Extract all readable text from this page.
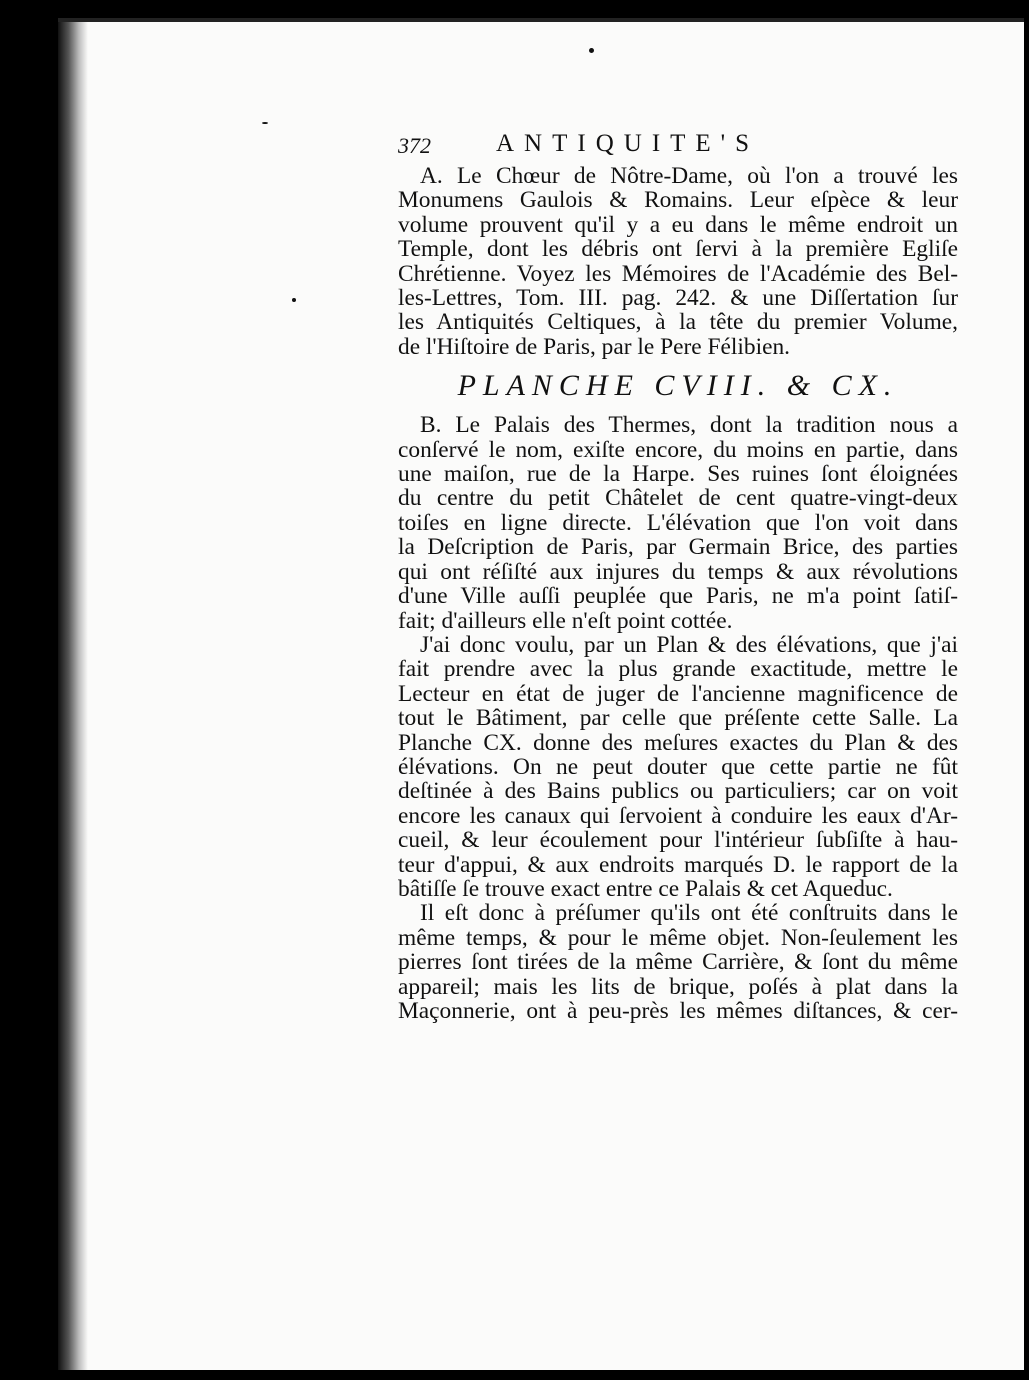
372	ANTIQUITE'S

A. Le Chœur de Nôtre-Dame, où l'on a trouvé les
Monumens Gaulois & Romains. Leur eſpèce & leur
volume prouvent qu'il y a eu dans le même endroit un
Temple, dont les débris ont ſervi à la première Egliſe
Chrétienne. Voyez les Mémoires de l'Académie des Bel-
les-Lettres, Tom. III. pag. 242. & une Diſſertation ſur
les Antiquités Celtiques, à la tête du premier Volume,
de l'Hiſtoire de Paris, par le Pere Félibien.

PLANCHE CVIII. & CX.

B. Le Palais des Thermes, dont la tradition nous a
conſervé le nom, exiſte encore, du moins en partie, dans
une maiſon, rue de la Harpe. Ses ruines ſont éloignées
du centre du petit Châtelet de cent quatre-vingt-deux
toiſes en ligne directe. L'élévation que l'on voit dans
la Deſcription de Paris, par Germain Brice, des parties
qui ont réſiſté aux injures du temps & aux révolutions
d'une Ville auſſi peuplée que Paris, ne m'a point ſatiſ-
fait; d'ailleurs elle n'eſt point cottée.

J'ai donc voulu, par un Plan & des élévations, que j'ai
fait prendre avec la plus grande exactitude, mettre le
Lecteur en état de juger de l'ancienne magnificence de
tout le Bâtiment, par celle que préſente cette Salle. La
Planche CX. donne des meſures exactes du Plan & des
élévations. On ne peut douter que cette partie ne fût
deſtinée à des Bains publics ou particuliers; car on voit
encore les canaux qui ſervoient à conduire les eaux d'Ar-
cueil, & leur écoulement pour l'intérieur ſubſiſte à hau-
teur d'appui, & aux endroits marqués D. le rapport de la
bâtiſſe ſe trouve exact entre ce Palais & cet Aqueduc.

Il eſt donc à préſumer qu'ils ont été conſtruits dans le
même temps, & pour le même objet. Non-ſeulement les
pierres ſont tirées de la même Carrière, & ſont du même
appareil; mais les lits de brique, poſés à plat dans la
Maçonnerie, ont à peu-près les mêmes diſtances, & cer-
